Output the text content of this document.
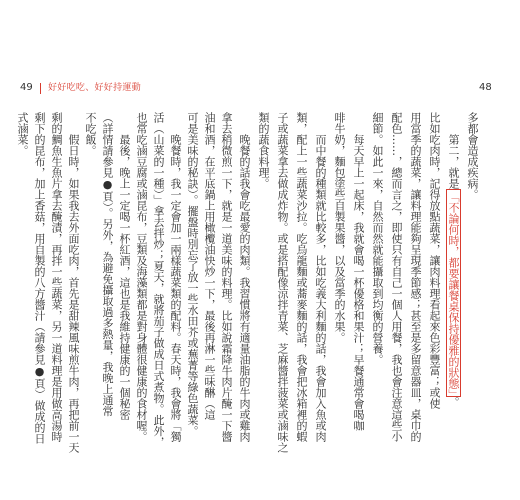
49 好好吃吃、好好持運動
拿去稍微煎一下，就是一道美味的料理。比如說霜降牛肉片醃一下醬
油和酒，在平底鍋上用橄欖油快炒一下，最後再淋一些味醂（這
可是美味的秘訣）。擺盤時別忘了放一些水田芥或蕪菁等綠色蔬菜。
晚餐時，我一定會加一兩樣蔬菜類的配料。春天時，我會將「獨
活（山菜的一種）」拿去拌炒；夏天，就將茄子做成日式煮物。此外，
也常吃滷豆腐或滷昆布，豆類及海藻類都是對身體很健康的食材喔。
最後，晚上一定喝一杯紅酒，這也是我維持健康的一個秘密
（詳情請參見●頁）。另外，為避免攝取過多熱量，我晚上通常
不吃飯。
假日時，如果我去外面吃肉，首先是甜辣風味煎牛肉，再把前一天
剩的鯛魚生魚片拿去醃漬，再拌一些蔬菜，另一道料理是用做高湯時
剩下的昆布，加上香菇，用自製的八方醬汁（請參見●頁）做成的日
式滷菜。
48
多都會造成疾病。
第二，就是「不論何時，都要讓餐桌保持優雅的狀態」。
比如吃肉時，記得放點蔬菜，讓肉料理看起來色彩豐富；或使
用當季的蔬菜，讓料理能夠呈現季節感；甚至是多留意器皿，桌巾的
配色……，總而言之，即使只有自己一個人用餐，我也會注意這些小
細節。如此一來，自然而然就能攝取到均衡的營養。
每天早上一起床，我就會喝一杯優格和果汁；早餐通常會喝咖
啡牛奶，麵包塗些自製果醬，以及當季的水果。
而中餐的種類就比較多，比如吃義大利麵的話，我會加入魚或肉
類，配上一些蔬菜沙拉。吃烏龍麵或蕎麥麵的話，我會把冰箱裡的蝦
子或蔬菜拿去做成炸物。或是搭配像涼拌青菜、芝麻醬拌菠菜或滷味之
類的蔬食料理。
晚餐的話我會吃最愛的肉類。我習慣將有適量油脂的牛肉或雞肉
